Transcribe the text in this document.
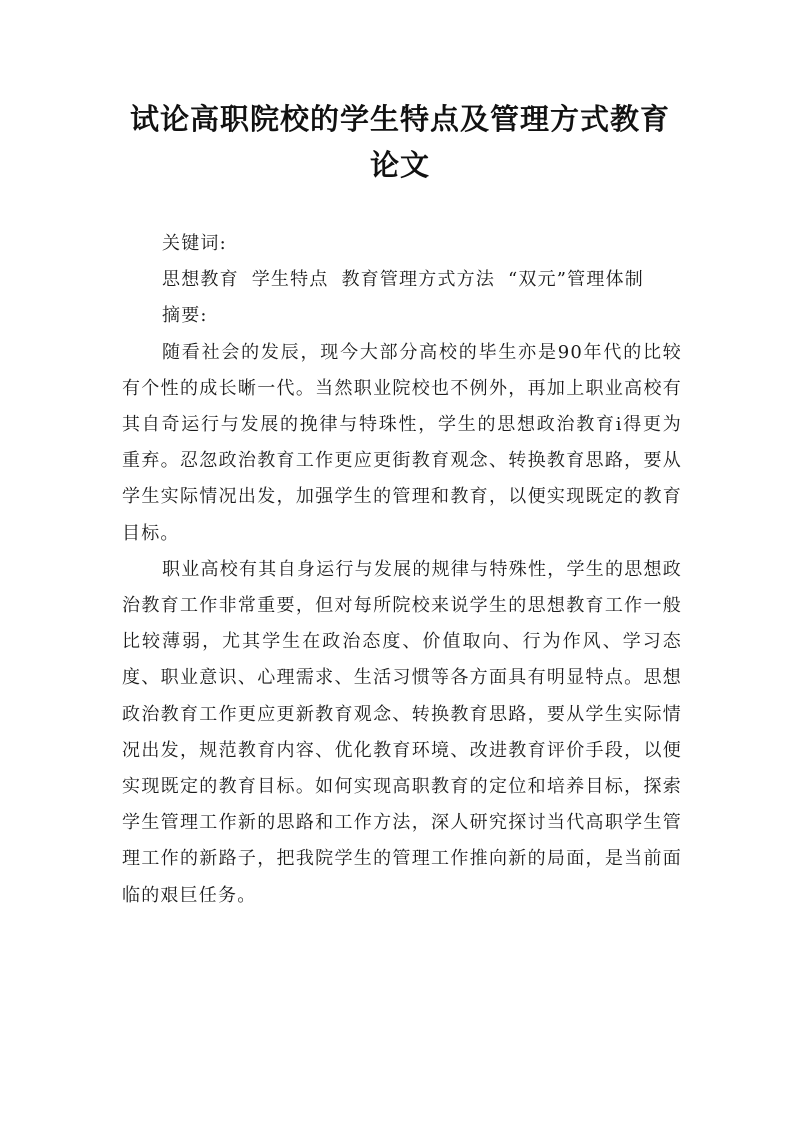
试论高职院校的学生特点及管理方式教育
论文

关键词:

思想教育 学生特点 教育管理方式方法 “双元”管理体制

摘要:

随看社会的发辰，现今大部分高校的毕生亦是90年代的比较有个性的成长晰一代。当然职业院校也不例外，再加上职业高校有其自奇运行与发展的挽律与特珠性，学生的思想政治教育i得更为重弃。忍忽政治教育工作更应更街教育观念、转换教育思路，要从学生实际情况出发，加强学生的管理和教育，以便实现既定的教育目标。

职业高校有其自身运行与发展的规律与特殊性，学生的思想政治教育工作非常重要，但对每所院校来说学生的思想教育工作一般比较薄弱，尤其学生在政治态度、价值取向、行为作风、学习态度、职业意识、心理需求、生活习惯等各方面具有明显特点。思想政治教育工作更应更新教育观念、转换教育思路，要从学生实际情况出发，规范教育内容、优化教育环境、改进教育评价手段，以便实现既定的教育目标。如何实现高职教育的定位和培养目标，探索学生管理工作新的思路和工作方法，深人研究探讨当代高职学生管理工作的新路子，把我院学生的管理工作推向新的局面，是当前面临的艰巨任务。
